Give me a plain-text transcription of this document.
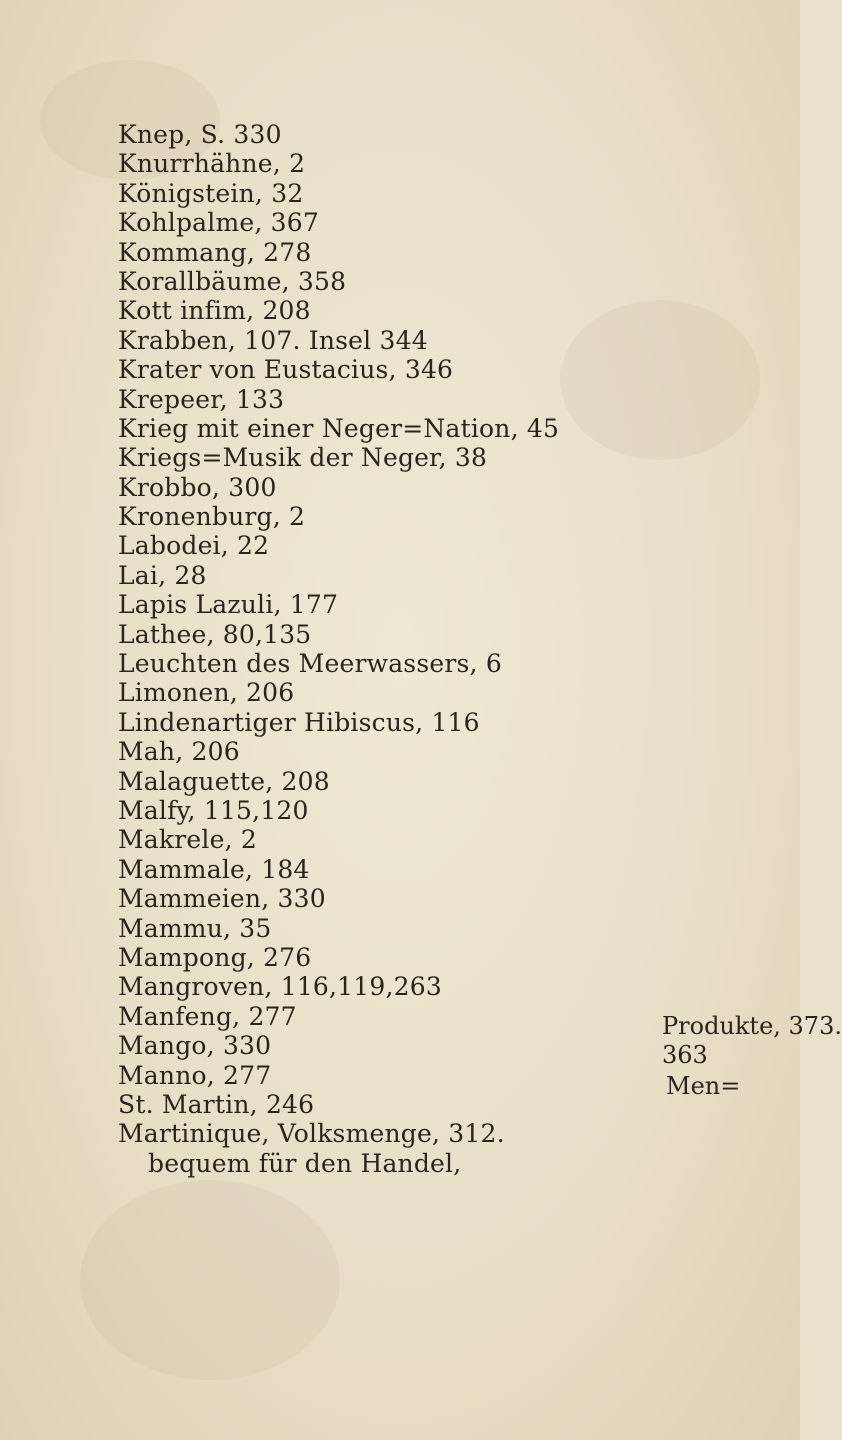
Knep, S. 330
Knurrhähne, 2
Königstein, 32
Kohlpalme, 367
Kommang, 278
Korallbäume, 358
Kott infim, 208
Krabben, 107. Insel 344
Krater von Eustacius, 346
Krepeer, 133
Krieg mit einer Neger=Nation, 45
Kriegs=Musik der Neger, 38
Krobbo, 300
Kronenburg, 2
Labodei, 22
Lai, 28
Lapis Lazuli, 177
Lathee, 80,135
Leuchten des Meerwassers, 6
Limonen, 206
Lindenartiger Hibiscus, 116
Mah, 206
Malaguette, 208
Malfy, 115,120
Makrele, 2
Mammale, 184
Mammeien, 330
Mammu, 35
Mampong, 276
Mangroven, 116,119,263
Manfeng, 277
Mango, 330
Manno, 277
St. Martin, 246
Martinique, Volksmenge, 312.
bequem für den Handel,
Produkte, 373.
363
Men=
